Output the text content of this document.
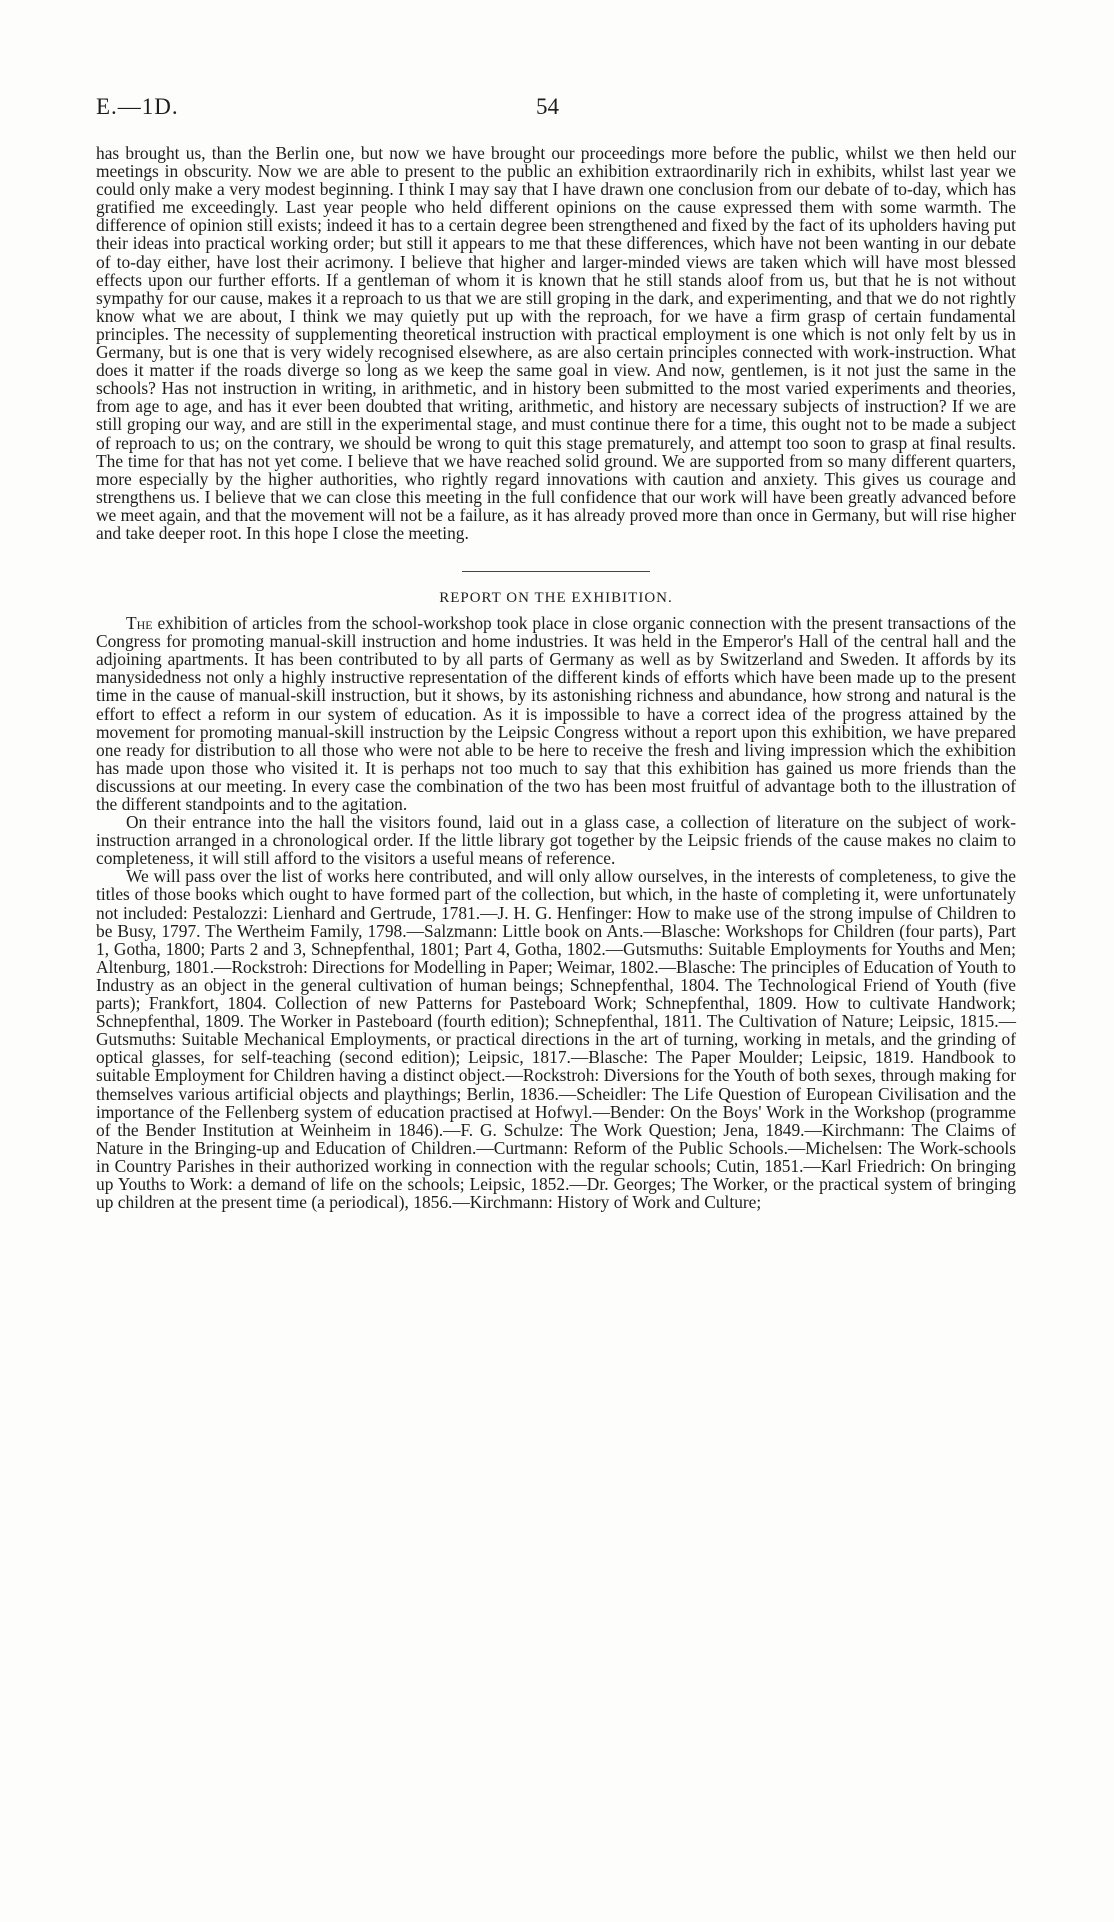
E.—1D.	54

has brought us, than the Berlin one, but now we have brought our proceedings more before the public, whilst we then held our meetings in obscurity. Now we are able to present to the public an exhibition extraordinarily rich in exhibits, whilst last year we could only make a very modest beginning. I think I may say that I have drawn one conclusion from our debate of to-day, which has gratified me exceedingly. Last year people who held different opinions on the cause expressed them with some warmth. The difference of opinion still exists; indeed it has to a certain degree been strengthened and fixed by the fact of its upholders having put their ideas into practical working order; but still it appears to me that these differences, which have not been wanting in our debate of to-day either, have lost their acrimony. I believe that higher and larger-minded views are taken which will have most blessed effects upon our further efforts. If a gentleman of whom it is known that he still stands aloof from us, but that he is not without sympathy for our cause, makes it a reproach to us that we are still groping in the dark, and experimenting, and that we do not rightly know what we are about, I think we may quietly put up with the reproach, for we have a firm grasp of certain fundamental principles. The necessity of supplementing theoretical instruction with practical employment is one which is not only felt by us in Germany, but is one that is very widely recognised elsewhere, as are also certain principles connected with work-instruction. What does it matter if the roads diverge so long as we keep the same goal in view. And now, gentlemen, is it not just the same in the schools? Has not instruction in writing, in arithmetic, and in history been submitted to the most varied experiments and theories, from age to age, and has it ever been doubted that writing, arithmetic, and history are necessary subjects of instruction? If we are still groping our way, and are still in the experimental stage, and must continue there for a time, this ought not to be made a subject of reproach to us; on the contrary, we should be wrong to quit this stage prematurely, and attempt too soon to grasp at final results. The time for that has not yet come. I believe that we have reached solid ground. We are supported from so many different quarters, more especially by the higher authorities, who rightly regard innovations with caution and anxiety. This gives us courage and strengthens us. I believe that we can close this meeting in the full confidence that our work will have been greatly advanced before we meet again, and that the movement will not be a failure, as it has already proved more than once in Germany, but will rise higher and take deeper root. In this hope I close the meeting.

REPORT ON THE EXHIBITION.

The exhibition of articles from the school-workshop took place in close organic connection with the present transactions of the Congress for promoting manual-skill instruction and home industries. It was held in the Emperor's Hall of the central hall and the adjoining apartments. It has been contributed to by all parts of Germany as well as by Switzerland and Sweden. It affords by its manysidedness not only a highly instructive representation of the different kinds of efforts which have been made up to the present time in the cause of manual-skill instruction, but it shows, by its astonishing richness and abundance, how strong and natural is the effort to effect a reform in our system of education. As it is impossible to have a correct idea of the progress attained by the movement for promoting manual-skill instruction by the Leipsic Congress without a report upon this exhibition, we have prepared one ready for distribution to all those who were not able to be here to receive the fresh and living impression which the exhibition has made upon those who visited it. It is perhaps not too much to say that this exhibition has gained us more friends than the discussions at our meeting. In every case the combination of the two has been most fruitful of advantage both to the illustration of the different standpoints and to the agitation.

On their entrance into the hall the visitors found, laid out in a glass case, a collection of literature on the subject of work-instruction arranged in a chronological order. If the little library got together by the Leipsic friends of the cause makes no claim to completeness, it will still afford to the visitors a useful means of reference.

We will pass over the list of works here contributed, and will only allow ourselves, in the interests of completeness, to give the titles of those books which ought to have formed part of the collection, but which, in the haste of completing it, were unfortunately not included: Pestalozzi: Lienhard and Gertrude, 1781.—J. H. G. Henfinger: How to make use of the strong impulse of Children to be Busy, 1797. The Wertheim Family, 1798.—Salzmann: Little book on Ants.—Blasche: Workshops for Children (four parts), Part 1, Gotha, 1800; Parts 2 and 3, Schnepfenthal, 1801; Part 4, Gotha, 1802.—Gutsmuths: Suitable Employments for Youths and Men; Altenburg, 1801.—Rockstroh: Directions for Modelling in Paper; Weimar, 1802.—Blasche: The principles of Education of Youth to Industry as an object in the general cultivation of human beings; Schnepfenthal, 1804. The Technological Friend of Youth (five parts); Frankfort, 1804. Collection of new Patterns for Pasteboard Work; Schnepfenthal, 1809. How to cultivate Handwork; Schnepfenthal, 1809. The Worker in Pasteboard (fourth edition); Schnepfenthal, 1811. The Cultivation of Nature; Leipsic, 1815.—Gutsmuths: Suitable Mechanical Employments, or practical directions in the art of turning, working in metals, and the grinding of optical glasses, for self-teaching (second edition); Leipsic, 1817.—Blasche: The Paper Moulder; Leipsic, 1819. Handbook to suitable Employment for Children having a distinct object.—Rockstroh: Diversions for the Youth of both sexes, through making for themselves various artificial objects and playthings; Berlin, 1836.—Scheidler: The Life Question of European Civilisation and the importance of the Fellenberg system of education practised at Hofwyl.—Bender: On the Boys' Work in the Workshop (programme of the Bender Institution at Weinheim in 1846).—F. G. Schulze: The Work Question; Jena, 1849.—Kirchmann: The Claims of Nature in the Bringing-up and Education of Children.—Curtmann: Reform of the Public Schools.—Michelsen: The Work-schools in Country Parishes in their authorized working in connection with the regular schools; Cutin, 1851.—Karl Friedrich: On bringing up Youths to Work: a demand of life on the schools; Leipsic, 1852.—Dr. Georges; The Worker, or the practical system of bringing up children at the present time (a periodical), 1856.—Kirchmann: History of Work and Culture;
